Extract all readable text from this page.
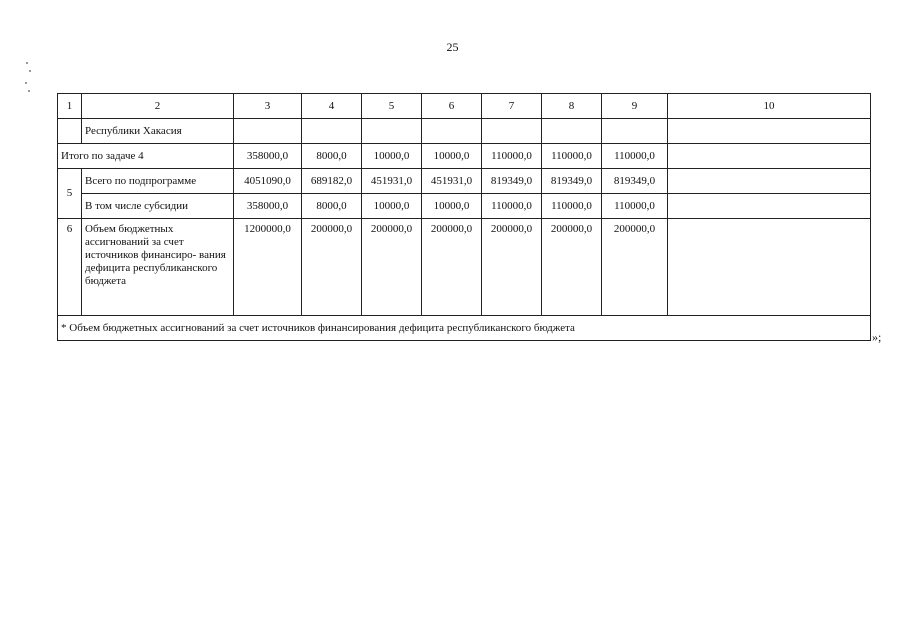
25
1	2	3	4	5	6	7	8	9	10
	Республики Хакасия								
Итого по задаче 4		358000,0	8000,0	10000,0	10000,0	110000,0	110000,0	110000,0	
5	Всего по подпрограмме	4051090,0	689182,0	451931,0	451931,0	819349,0	819349,0	819349,0	
	В том числе субсидии	358000,0	8000,0	10000,0	10000,0	110000,0	110000,0	110000,0	
6	Объем бюджетных ассигнований за счет источников финансиро- вания дефицита республиканского бюджета	1200000,0	200000,0	200000,0	200000,0	200000,0	200000,0	200000,0	
* Объем бюджетных ассигнований за счет источников финансирования дефицита республиканского бюджета									
»;
